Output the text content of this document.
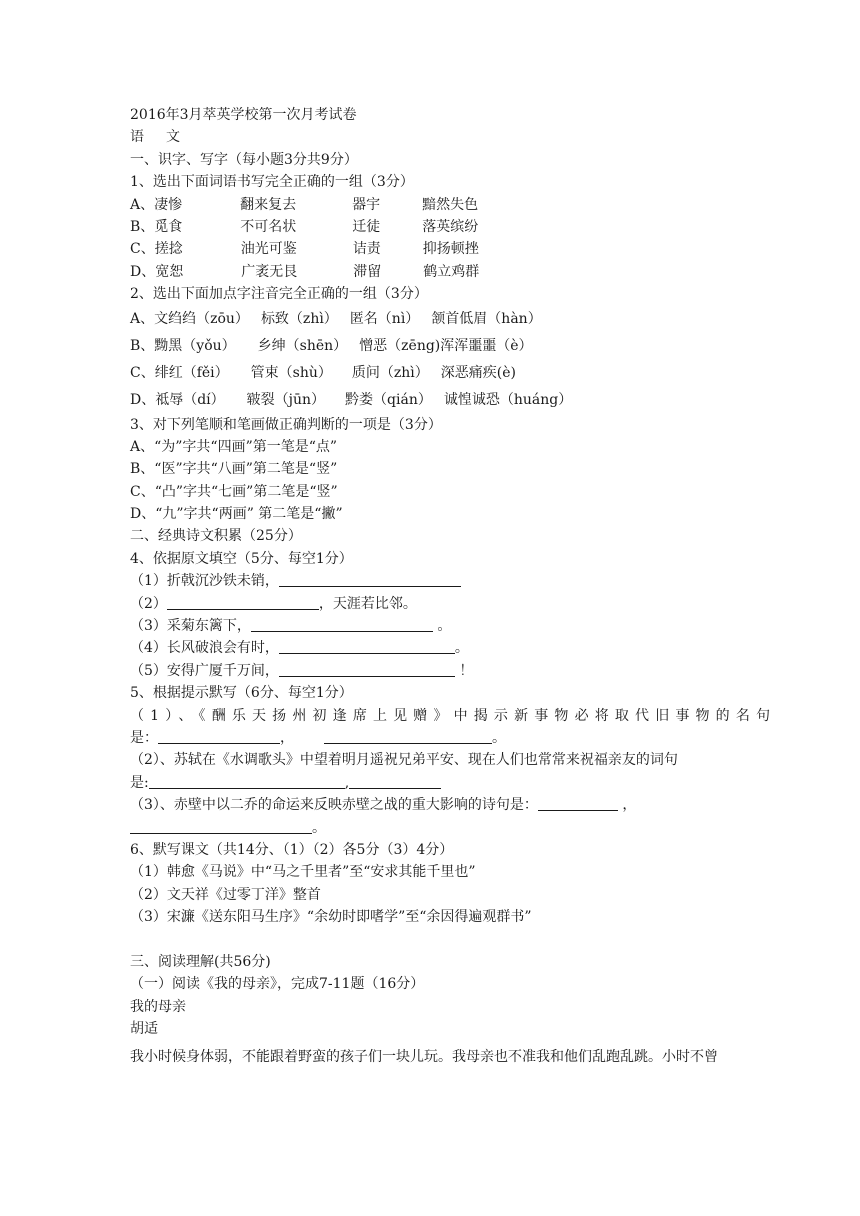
2016年3月萃英学校第一次月考试卷
语文
一、识字、写字（每小题3分共9分）
1、选出下面词语书写完全正确的一组（3分）
A、凄惨	翻来复去	器宇	黯然失色
B、觅食	不可名状	迁徒	落英缤纷
C、搓捻	油光可鉴	诘责	抑扬顿挫
D、宽恕	广袤无艮	滞留	鹤立鸡群
2、选出下面加点字注音完全正确的一组（3分）
A、文绉绉（zōu） 标致（zhì） 匿名（nì） 颔首低眉（hàn）
B、黝黑（yǒu） 乡绅（shēn） 憎恶（zēng)浑浑噩噩（è）
C、绯红（fěi） 管束（shù） 质问（zhì） 深恶痛疾(è)
D、祗辱（dí） 皲裂（jūn） 黔娄（qián） 诚惶诚恐（huáng）
3、对下列笔顺和笔画做正确判断的一项是（3分）
A、“为”字共“四画”第一笔是“点”
B、“医”字共“八画”第二笔是“竖”
C、“凸”字共“七画”第二笔是“竖”
D、“九”字共“两画” 第二笔是“撇”
二、经典诗文积累（25分）
4、依据原文填空（5分、每空1分）
（1）折戟沉沙铁未销，
（2）	，天涯若比邻。
（3）采菊东篱下，	。
（4）长风破浪会有时，	。
（5）安得广厦千万间，	！
5、根据提示默写（6分、每空1分）
（1）、《酬乐天扬州初逢席上见赠》中揭示新事物必将取代旧事物的名句
是：	，	。
（2）、苏轼在《水调歌头》中望着明月遥祝兄弟平安、现在人们也常常来祝福亲友的词句
是:	,
（3）、赤壁中以二乔的命运来反映赤壁之战的重大影响的诗句是：	，
。
6、默写课文（共14分、（1）（2）各5分（3）4分）
（1）韩愈《马说》中“马之千里者”至“安求其能千里也”
（2）文天祥《过零丁洋》整首
（3）宋濂《送东阳马生序》“余幼时即嗜学”至“余因得遍观群书”
三、阅读理解(共56分)
（一）阅读《我的母亲》，完成7-11题（16分）
我的母亲
胡适
我小时候身体弱，不能跟着野蛮的孩子们一块儿玩。我母亲也不准我和他们乱跑乱跳。小时不曾
